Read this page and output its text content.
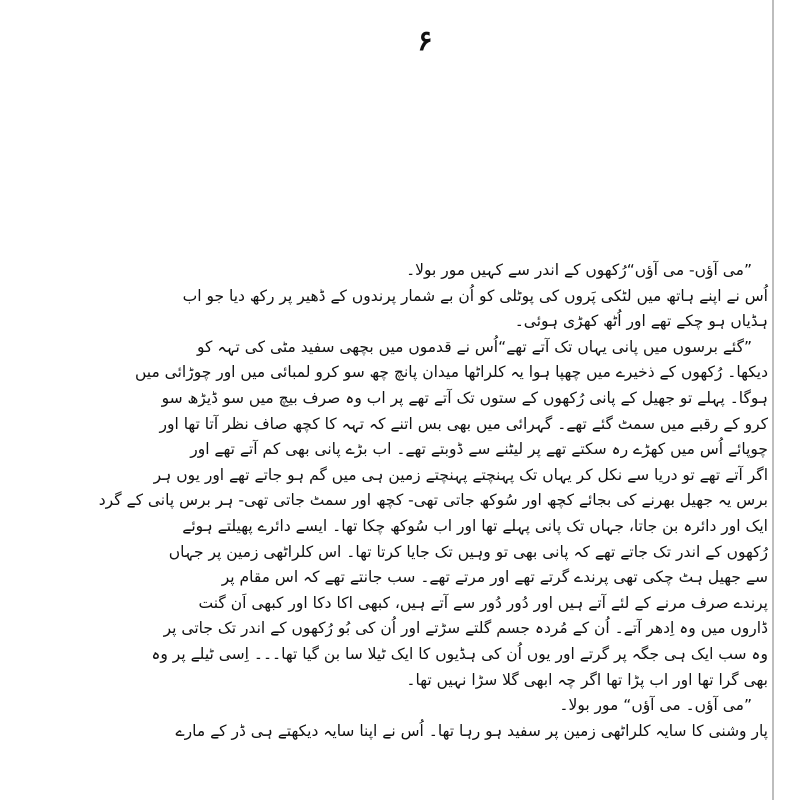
۶
”می آؤں- می آؤں“رُکھوں کے اندر سے کہیں مور بولا۔
اُس نے اپنے ہاتھ میں لٹکی پَروں کی پوٹلی کو اُن بے شمار پرندوں کے ڈھیر پر رکھ دیا جو اب
ہڈیاں ہو چکے تھے اور اُٹھ کھڑی ہوئی۔
”گئے برسوں میں پانی یہاں تک آتے تھے“اُس نے قدموں میں بچھی سفید مٹی کی تہہ کو
دیکھا۔ رُکھوں کے ذخیرے میں چھپا ہوا یہ کلراٹھا میدان پانچ چھ سو کرو لمبائی میں اور چوڑائی میں
ہوگا۔ پہلے تو جھیل کے پانی رُکھوں کے ستوں تک آتے تھے پر اب وہ صرف بیچ میں سو ڈیڑھ سو
کرو کے رقبے میں سمٹ گئے تھے۔ گہرائی میں بھی بس اتنے کہ تہہ کا کچھ صاف نظر آتا تھا اور
چوپائے اُس میں کھڑے رہ سکتے تھے پر لیٹنے سے ڈوبتے تھے۔ اب بڑے پانی بھی کم آتے تھے اور
اگر آتے تھے تو دریا سے نکل کر یہاں تک پہنچتے پہنچتے زمین ہی میں گم ہو جاتے تھے اور یوں ہر
برس یہ جھیل بھرنے کی بجائے کچھ اور سُوکھ جاتی تھی- کچھ اور سمٹ جاتی تھی- ہر برس پانی کے گرد
ایک اور دائرہ بن جاتا، جہاں تک پانی پہلے تھا اور اب سُوکھ چکا تھا۔ ایسے دائرے پھیلتے ہوئے
رُکھوں کے اندر تک جاتے تھے کہ پانی بھی تو وہیں تک جایا کرتا تھا۔ اس کلراٹھی زمین پر جہاں
سے جھیل ہٹ چکی تھی پرندے گرتے تھے اور مرتے تھے۔ سب جانتے تھے کہ اس مقام پر
پرندے صرف مرنے کے لئے آتے ہیں اور دُور دُور سے آتے ہیں، کبھی اکا دکا اور کبھی اَن گنت
ڈاروں میں وہ اِدھر آتے۔ اُن کے مُردہ جسم گلتے سڑتے اور اُن کی بُو رُکھوں کے اندر تک جاتی پر
وہ سب ایک ہی جگہ پر گرتے اور یوں اُن کی ہڈیوں کا ایک ٹیلا سا بن گیا تھا۔۔۔ اِسی ٹیلے پر وہ
بھی گرا تھا اور اب پڑا تھا اگر چہ ابھی گلا سڑا نہیں تھا۔
”می آؤں۔ می آؤں“ مور بولا۔
پار وشنی کا سایہ کلراٹھی زمین پر سفید ہو رہا تھا۔ اُس نے اپنا سایہ دیکھتے ہی ڈر کے مارے
